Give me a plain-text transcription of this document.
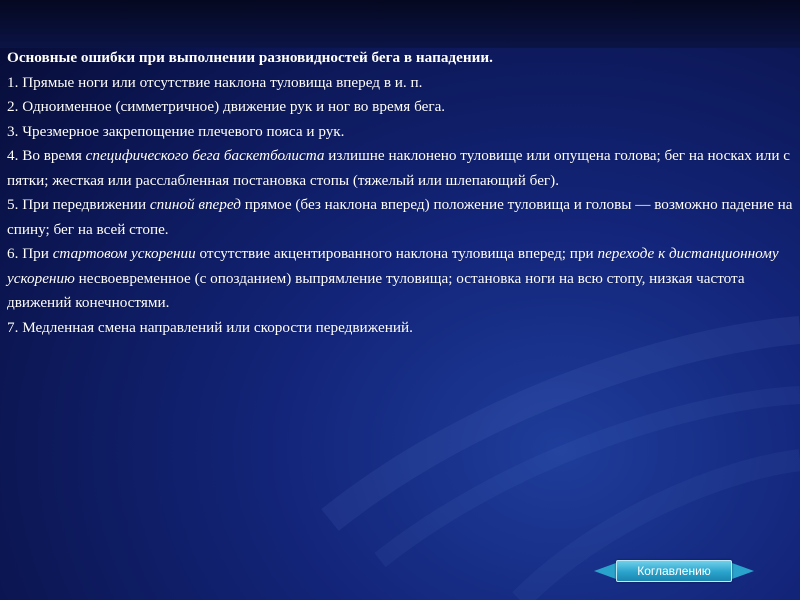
Основные ошибки при выполнении разновидностей бега в нападении.

1. Прямые ноги или отсутствие наклона туловища вперед в и. п.

2. Одноименное (симметричное) движение рук и ног во время бега.

3. Чрезмерное закрепощение плечевого пояса и рук.

4. Во время специфического бега баскетболиста излишне наклонено туловище или опущена голова; бег на носках или с пятки; жесткая или расслабленная постановка стопы (тяжелый или шлепающий бег).

5. При передвижении спиной вперед прямое (без наклона вперед) положение туловища и головы — возможно падение на спину; бег на всей стопе.

6. При стартовом ускорении отсутствие акцентированного наклона туловища вперед; при переходе к дистанционному ускорению несвоевременное (с опозданием) выпрямление туловища; остановка ноги на всю стопу, низкая частота движений конечностями.

7. Медленная смена направлений или скорости передвижений.

Коглавлению
